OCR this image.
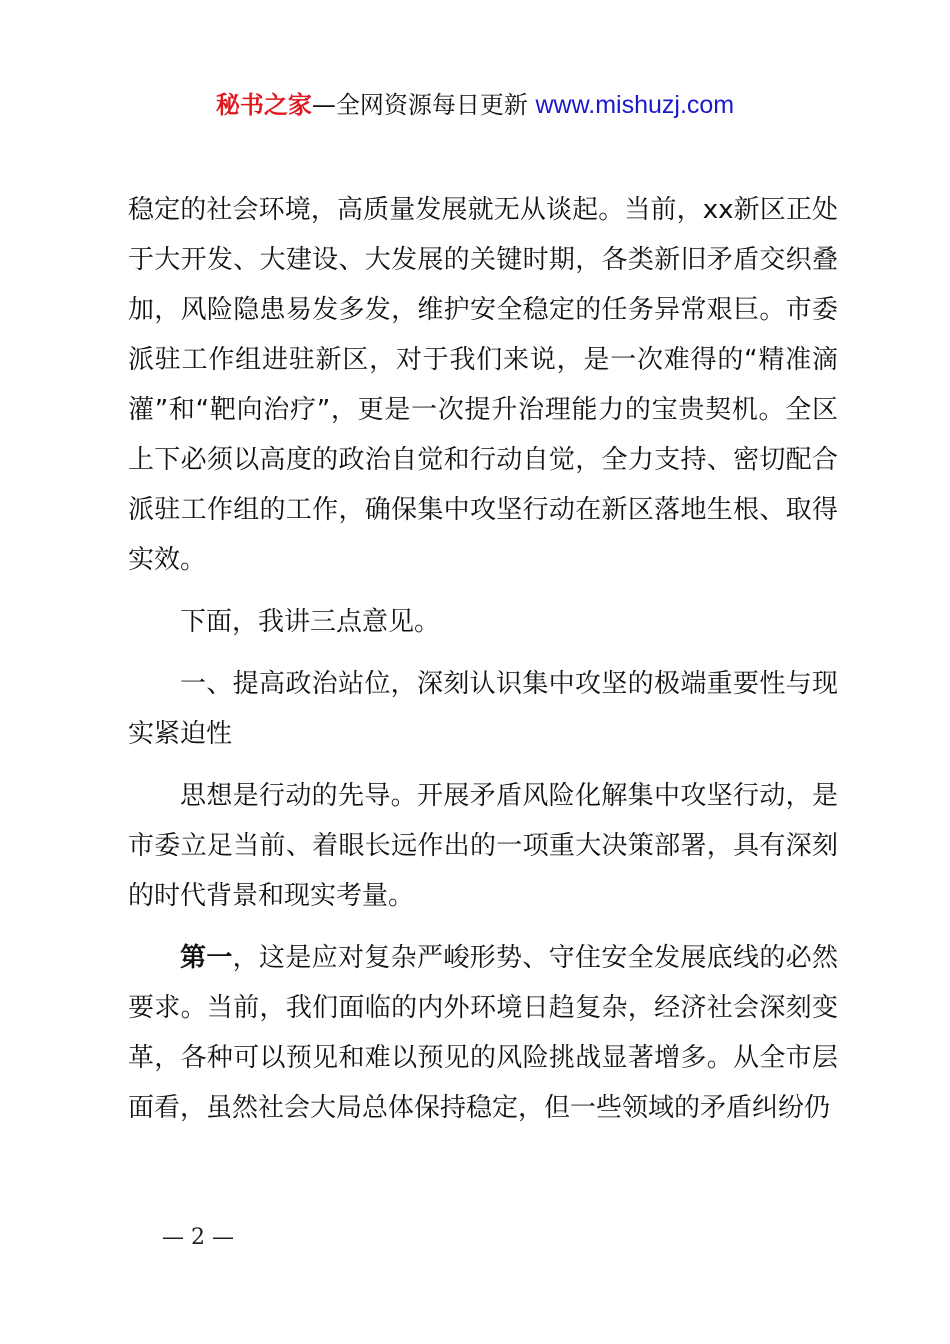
秘书之家—全网资源每日更新 www.mishuzj.com

稳定的社会环境，高质量发展就无从谈起。当前，xx新区正处于大开发、大建设、大发展的关键时期，各类新旧矛盾交织叠加，风险隐患易发多发，维护安全稳定的任务异常艰巨。市委派驻工作组进驻新区，对于我们来说，是一次难得的“精准滴灌”和“靶向治疗”，更是一次提升治理能力的宝贵契机。全区上下必须以高度的政治自觉和行动自觉，全力支持、密切配合派驻工作组的工作，确保集中攻坚行动在新区落地生根、取得实效。

下面，我讲三点意见。

一、提高政治站位，深刻认识集中攻坚的极端重要性与现实紧迫性

思想是行动的先导。开展矛盾风险化解集中攻坚行动，是市委立足当前、着眼长远作出的一项重大决策部署，具有深刻的时代背景和现实考量。

第一，这是应对复杂严峻形势、守住安全发展底线的必然要求。当前，我们面临的内外环境日趋复杂，经济社会深刻变革，各种可以预见和难以预见的风险挑战显著增多。从全市层面看，虽然社会大局总体保持稳定，但一些领域的矛盾纠纷仍

— 2 —
